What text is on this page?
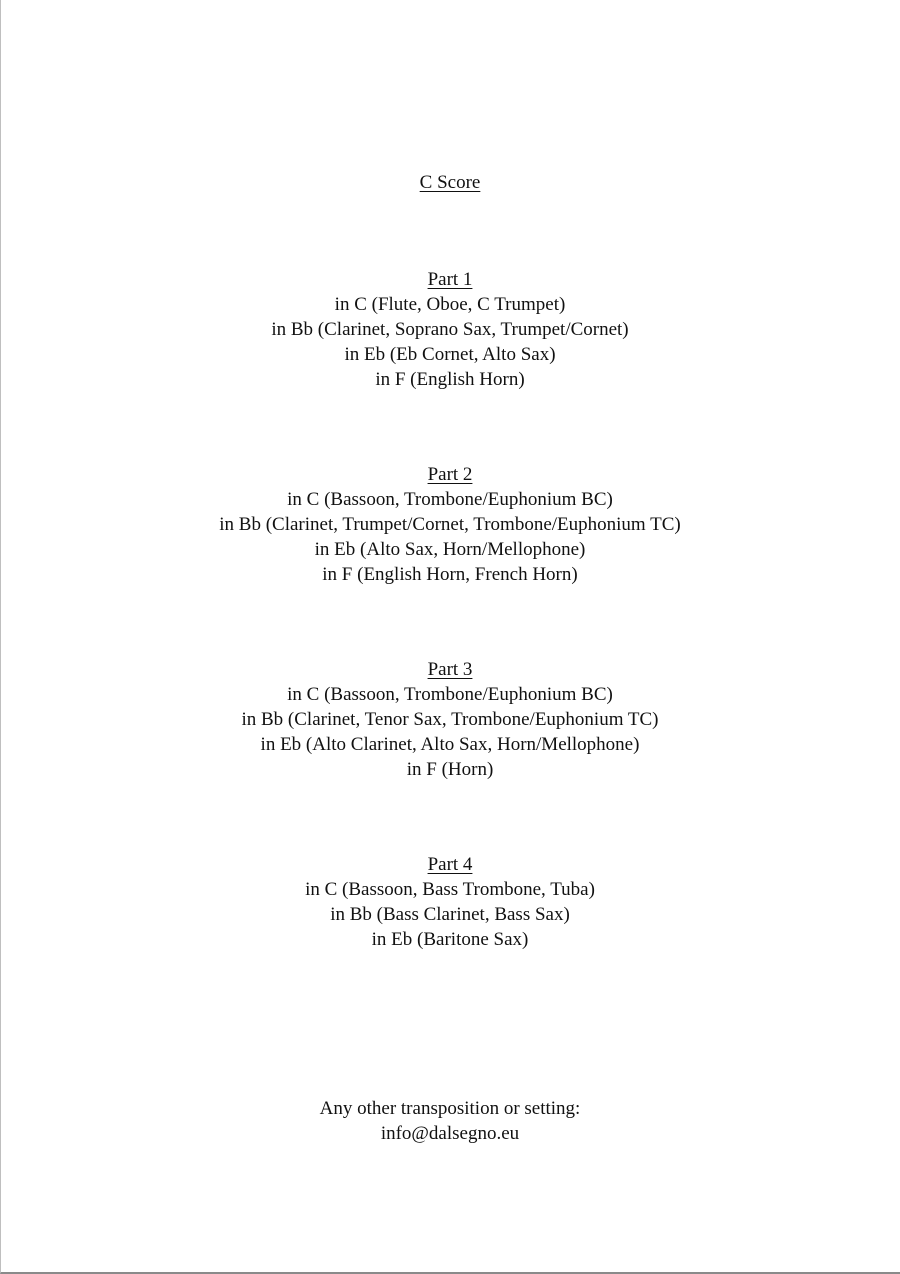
C Score
Part 1
in C (Flute, Oboe, C Trumpet)
in Bb (Clarinet, Soprano Sax, Trumpet/Cornet)
in Eb (Eb Cornet, Alto Sax)
in F (English Horn)
Part 2
in C (Bassoon, Trombone/Euphonium BC)
in Bb (Clarinet, Trumpet/Cornet, Trombone/Euphonium TC)
in Eb (Alto Sax, Horn/Mellophone)
in F (English Horn, French Horn)
Part 3
in C (Bassoon, Trombone/Euphonium BC)
in Bb (Clarinet, Tenor Sax, Trombone/Euphonium TC)
in Eb (Alto Clarinet, Alto Sax, Horn/Mellophone)
in F (Horn)
Part 4
in C (Bassoon, Bass Trombone, Tuba)
in Bb (Bass Clarinet, Bass Sax)
in Eb (Baritone Sax)
Any other transposition or setting:
info@dalsegno.eu
